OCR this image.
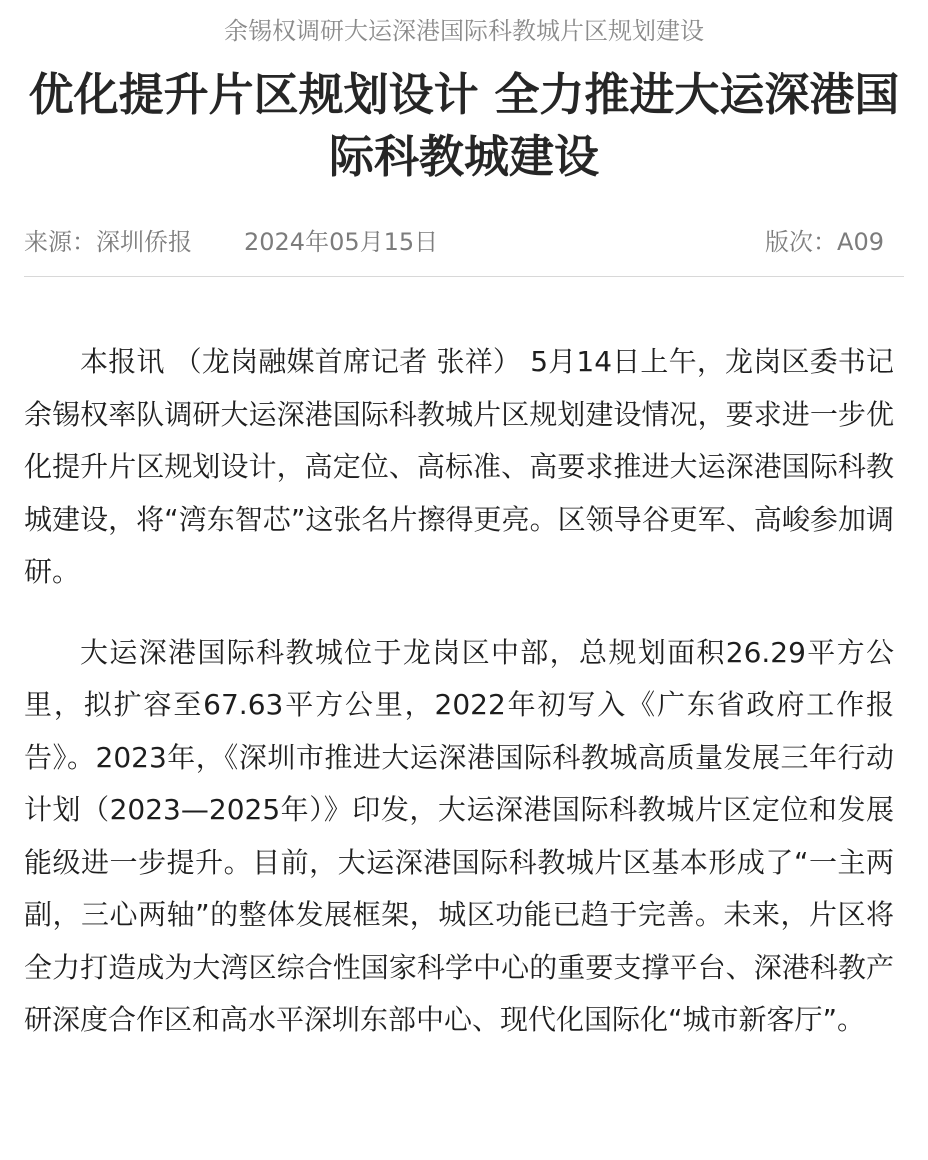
余锡权调研大运深港国际科教城片区规划建设
优化提升片区规划设计 全力推进大运深港国际科教城建设
来源：深圳侨报 2024年05月15日	版次：A09

本报讯 （龙岗融媒首席记者 张祥） 5月14日上午，龙岗区委书记余锡权率队调研大运深港国际科教城片区规划建设情况，要求进一步优化提升片区规划设计，高定位、高标准、高要求推进大运深港国际科教城建设，将“湾东智芯”这张名片擦得更亮。区领导谷更军、高峻参加调研。

大运深港国际科教城位于龙岗区中部，总规划面积26.29平方公里，拟扩容至67.63平方公里，2022年初写入《广东省政府工作报告》。2023年，《深圳市推进大运深港国际科教城高质量发展三年行动计划（2023—2025年）》印发，大运深港国际科教城片区定位和发展能级进一步提升。目前，大运深港国际科教城片区基本形成了“一主两副，三心两轴”的整体发展框架，城区功能已趋于完善。未来，片区将全力打造成为大湾区综合性国家科学中心的重要支撑平台、深港科教产研深度合作区和高水平深圳东部中心、现代化国际化“城市新客厅”。
